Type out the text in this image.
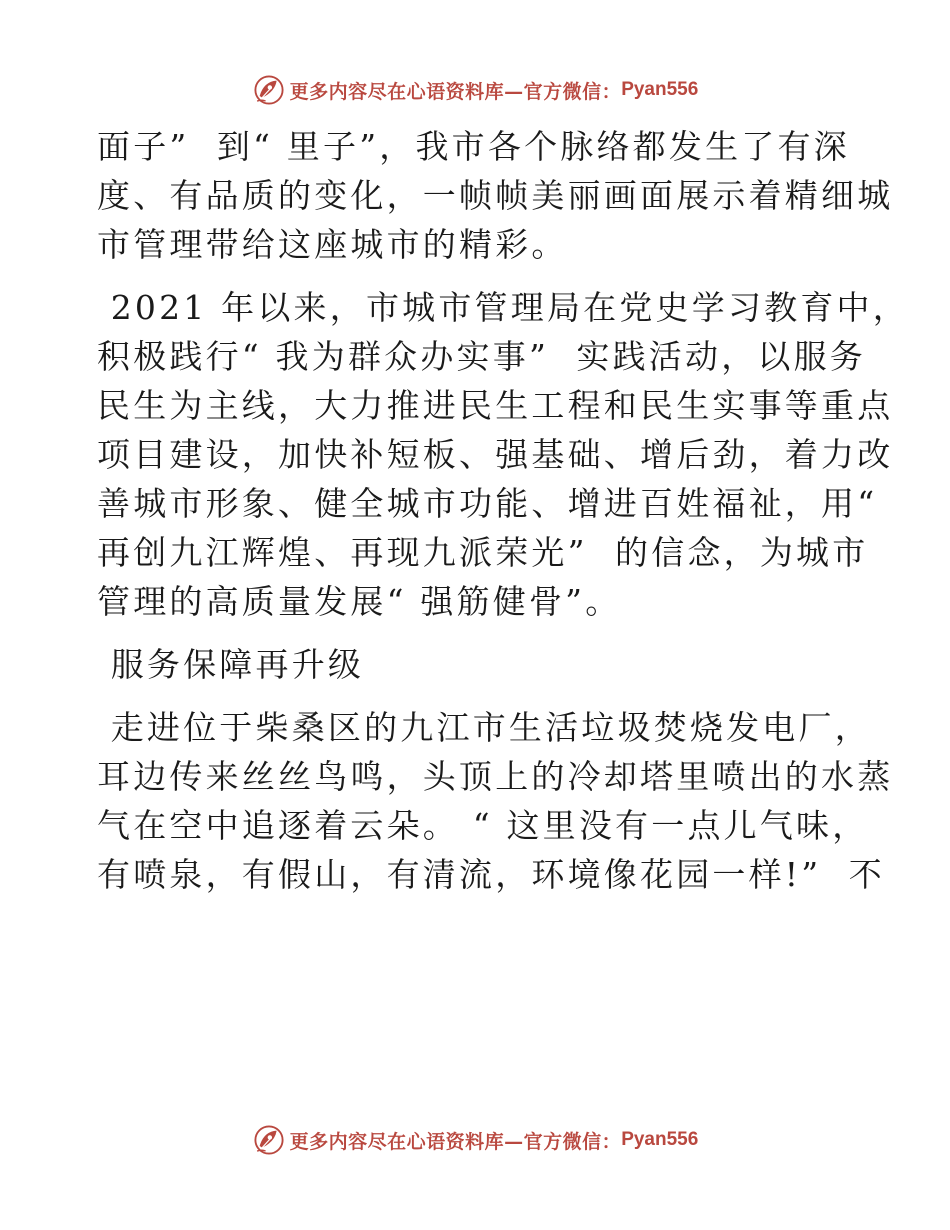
更多内容尽在心语资料库—官方微信： Pyan556
面子”  到“ 里子”，我市各个脉络都发生了有深
度、有品质的变化，一帧帧美丽画面展示着精细城
市管理带给这座城市的精彩。
2021 年以来，市城市管理局在党史学习教育中，
积极践行“ 我为群众办实事”  实践活动，以服务
民生为主线，大力推进民生工程和民生实事等重点
项目建设，加快补短板、强基础、增后劲，着力改
善城市形象、健全城市功能、增进百姓福祉，用“
再创九江辉煌、再现九派荣光”  的信念，为城市
管理的高质量发展“ 强筋健骨”。
服务保障再升级
走进位于柴桑区的九江市生活垃圾焚烧发电厂，
耳边传来丝丝鸟鸣，头顶上的冷却塔里喷出的水蒸
气在空中追逐着云朵。 “ 这里没有一点儿气味，
有喷泉，有假山，有清流，环境像花园一样!”  不
更多内容尽在心语资料库—官方微信： Pyan556
